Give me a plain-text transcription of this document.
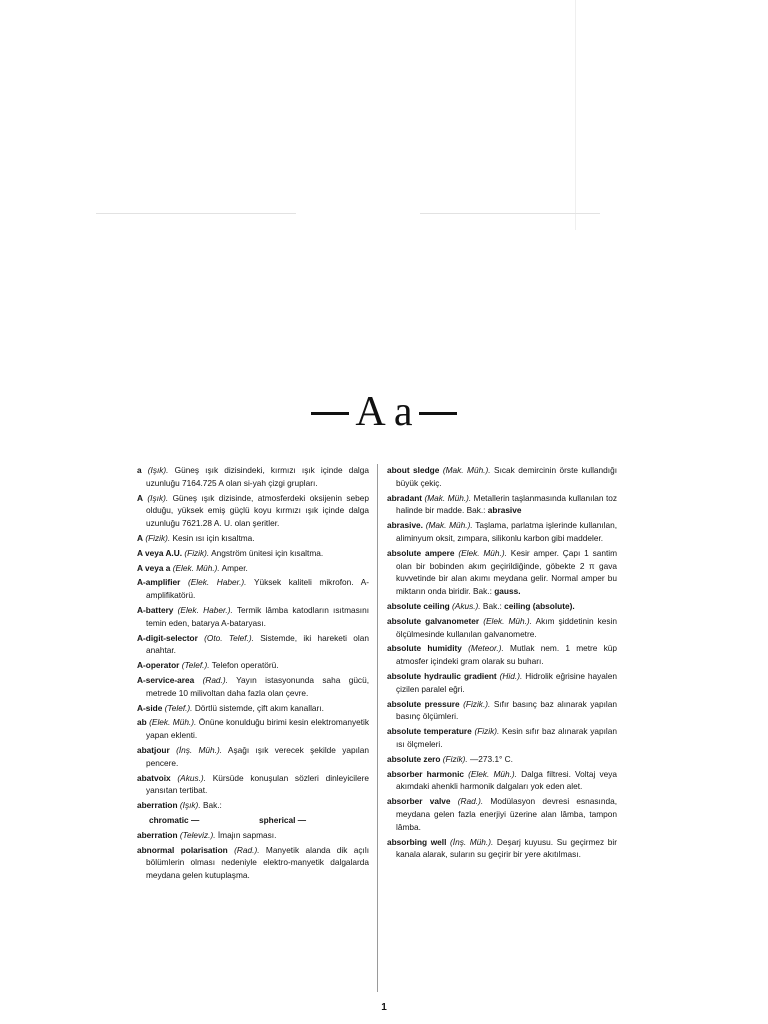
A a
a (Işık). Güneş ışık dizisindeki, kırmızı ışık içinde dalga uzunluğu 7164.725 A olan si-yah çizgi grupları.
A (Işık). Güneş ışık dizisinde, atmosferdeki oksijenin sebep olduğu, yüksek emiş güçlü koyu kırmızı ışık içinde dalga uzunluğu 7621.28 A. U. olan şeritler.
A (Fizik). Kesin ısı için kısaltma.
A veya A.U. (Fizik). Angström ünitesi için kısaltma.
A veya a (Elek. Müh.). Amper.
A-amplifier (Elek. Haber.). Yüksek kaliteli mikrofon. A-amplifikatörü.
A-battery (Elek. Haber.). Termik lâmba katodların ısıtmasını temin eden, batarya A-bataryası.
A-digit-selector (Oto. Telef.). Sistemde, iki hareketi olan anahtar.
A-operator (Telef.). Telefon operatörü.
A-service-area (Rad.). Yayın istasyonunda saha gücü, metrede 10 milivoltan daha fazla olan çevre.
A-side (Telef.). Dörtlü sistemde, çift akım kanalları.
ab (Elek. Müh.). Önüne konulduğu birimi kesin elektromanyetik yapan eklenti.
abatjour (İnş. Müh.). Aşağı ışık verecek şekilde yapılan pencere.
abatvoix (Akus.). Kürsüde konuşulan sözleri dinleyicilere yansıtan tertibat.
aberration (Işık). Bak.:
chromatic —	spherical —
aberration (Televiz.). İmajın sapması.
abnormal polarisation (Rad.). Manyetik alanda dik açılı bölümlerin olması nedeniyle elektro-manyetik dalgalarda meydana gelen kutuplaşma.
about sledge (Mak. Müh.). Sıcak demircinin örste kullandığı büyük çekiç.
abradant (Mak. Müh.). Metallerin taşlanmasında kullanılan toz halinde bir madde. Bak.: abrasive
abrasive. (Mak. Müh.). Taşlama, parlatma işlerinde kullanılan, aliminyum oksit, zımpara, silikonlu karbon gibi maddeler.
absolute ampere (Elek. Müh.). Kesir amper. Çapı 1 santim olan bir bobinden akım geçirildiğinde, göbekte 2 π gava kuvvetinde bir alan akımı meydana gelir. Normal amper bu miktarın onda biridir. Bak.: gauss.
absolute ceiling (Akus.). Bak.: ceiling (absolute).
absolute galvanometer (Elek. Müh.). Akım şiddetinin kesin ölçülmesinde kullanılan galvanometre.
absolute humidity (Meteor.). Mutlak nem. 1 metre küp atmosfer içindeki gram olarak su buharı.
absolute hydraulic gradient (Hid.). Hidrolik eğrisine hayalen çizilen paralel eğri.
absolute pressure (Fizik.). Sıfır basınç baz alınarak yapılan basınç ölçümleri.
absolute temperature (Fizik). Kesin sıfır baz alınarak yapılan ısı ölçmeleri.
absolute zero (Fizik). —273.1° C.
absorber harmonic (Elek. Müh.). Dalga filtresi. Voltaj veya akımdaki ahenkli harmonik dalgaları yok eden alet.
absorber valve (Rad.). Modülasyon devresi esnasında, meydana gelen fazla enerjiyi üzerine alan lâmba, tampon lâmba.
absorbing well (İnş. Müh.). Deşarj kuyusu. Su geçirmez bir kanala alarak, suların su geçirir bir yere akıtılması.
1
